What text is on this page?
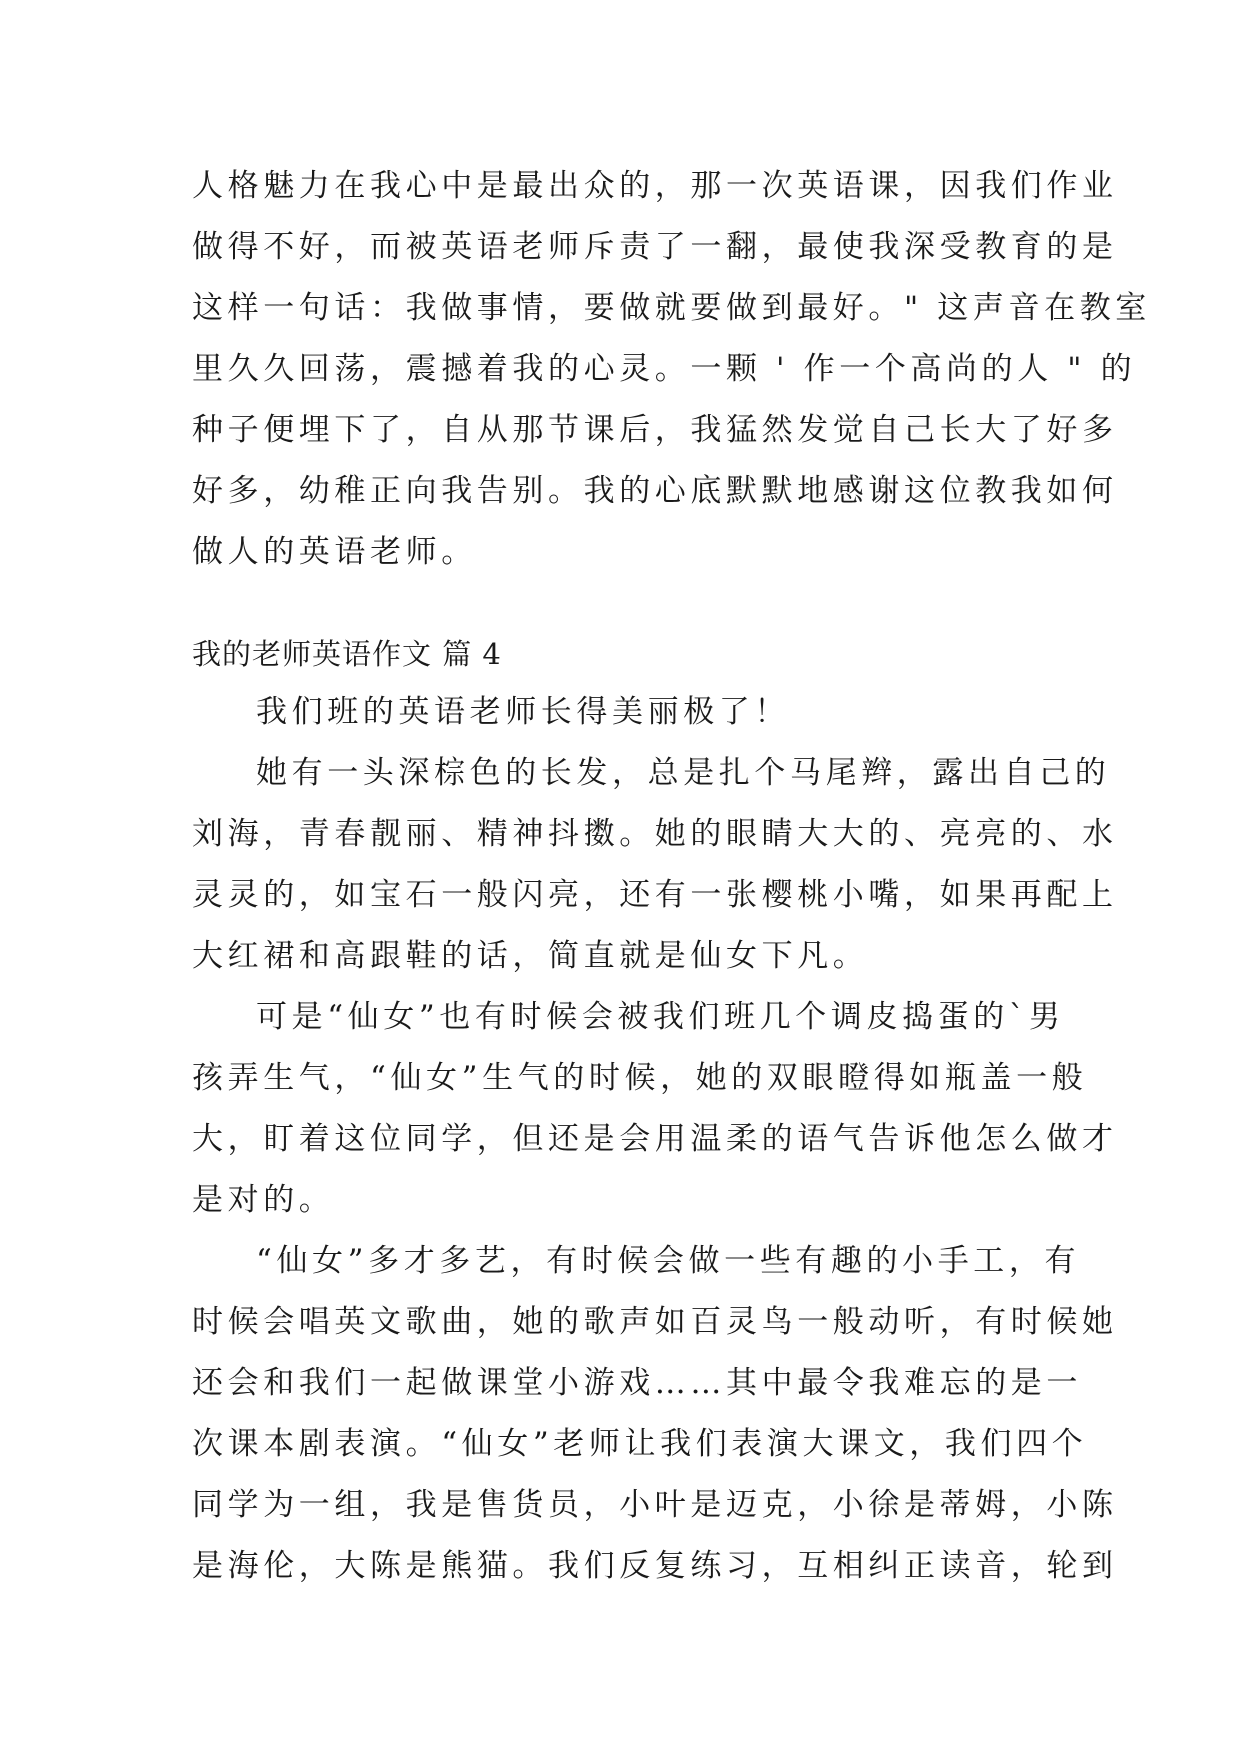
人格魅力在我心中是最出众的，那一次英语课，因我们作业
做得不好，而被英语老师斥责了一翻，最使我深受教育的是
这样一句话：我做事情，要做就要做到最好。" 这声音在教室
里久久回荡，震撼着我的心灵。一颗 ' 作一个高尚的人 " 的
种子便埋下了，自从那节课后，我猛然发觉自己长大了好多
好多，幼稚正向我告别。我的心底默默地感谢这位教我如何
做人的英语老师。
我的老师英语作文 篇 4
我们班的英语老师长得美丽极了！
她有一头深棕色的长发，总是扎个马尾辫，露出自己的
刘海，青春靓丽、精神抖擞。她的眼睛大大的、亮亮的、水
灵灵的，如宝石一般闪亮，还有一张樱桃小嘴，如果再配上
大红裙和高跟鞋的话，简直就是仙女下凡。
可是“仙女”也有时候会被我们班几个调皮捣蛋的`男
孩弄生气，“仙女”生气的时候，她的双眼瞪得如瓶盖一般
大，盯着这位同学，但还是会用温柔的语气告诉他怎么做才
是对的。
“仙女”多才多艺，有时候会做一些有趣的小手工，有
时候会唱英文歌曲，她的歌声如百灵鸟一般动听，有时候她
还会和我们一起做课堂小游戏……其中最令我难忘的是一
次课本剧表演。“仙女”老师让我们表演大课文，我们四个
同学为一组，我是售货员，小叶是迈克，小徐是蒂姆，小陈
是海伦，大陈是熊猫。我们反复练习，互相纠正读音，轮到
